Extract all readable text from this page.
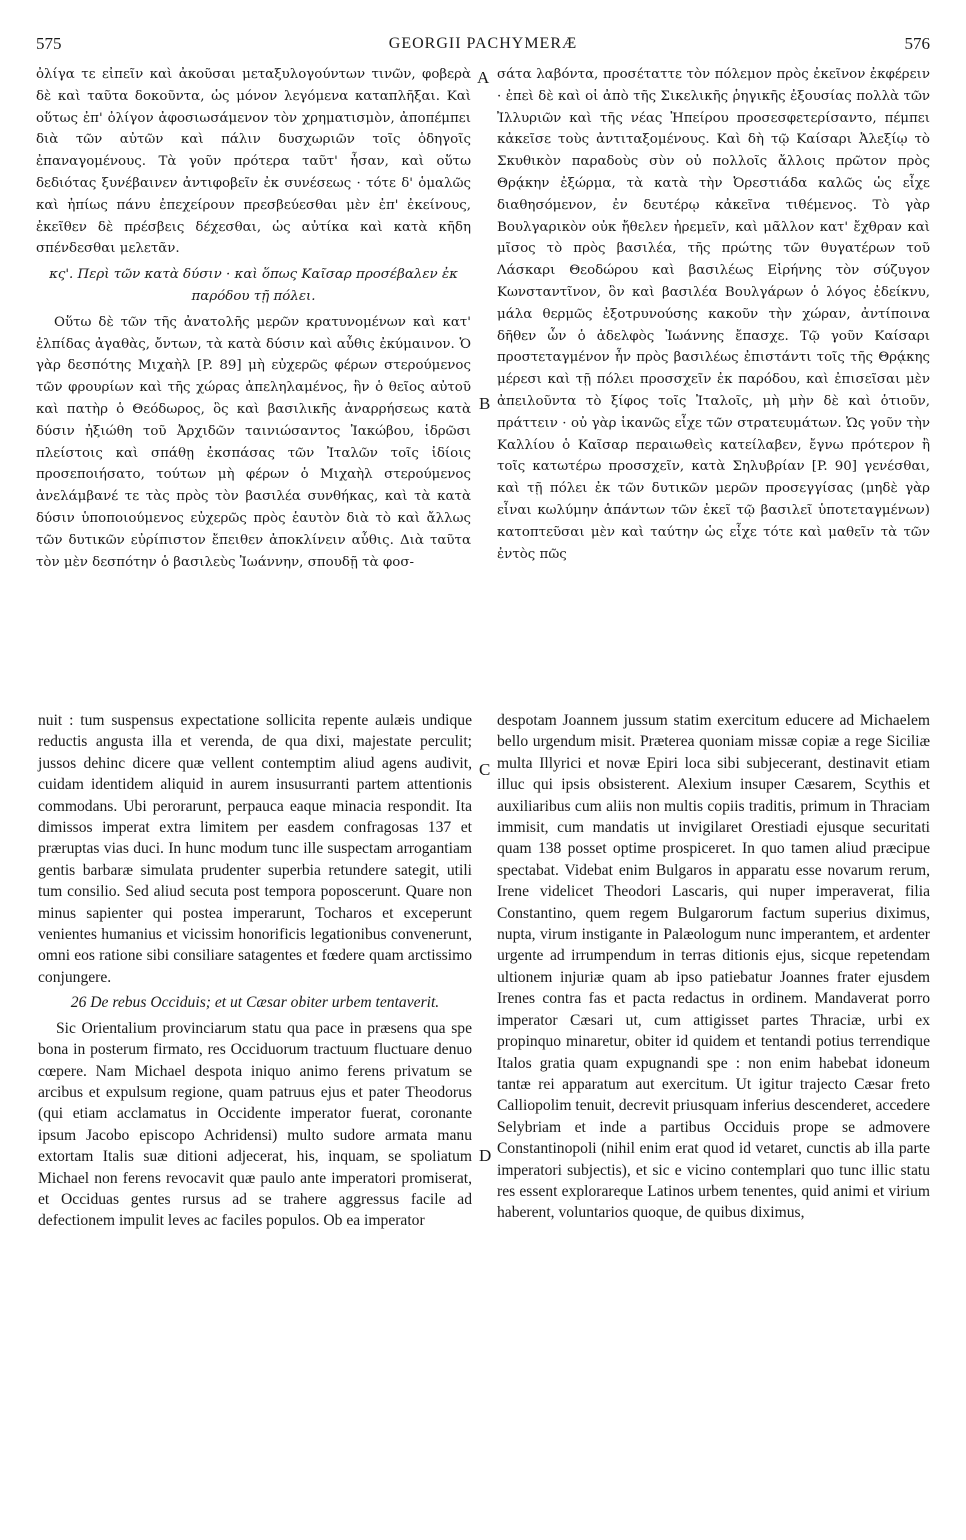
575	GEORGII PACHYMERÆ	576

ὀλίγα τε εἰπεῖν καὶ ἀκοῦσαι μεταξυλογούντων τινῶν, φοβερὰ δὲ καὶ ταῦτα δοκοῦντα, ὡς μόνον λεγόμενα καταπλῆξαι. Καὶ οὕτως ἐπ' ὀλίγον ἀφοσιωσάμενον τὸν χρηματισμὸν, ἀποπέμπει διὰ τῶν αὐτῶν καὶ πάλιν δυσχωριῶν τοῖς ὁδηγοῖς ἐπαναγομένους. Τὰ γοῦν πρότερα ταῦτ' ἦσαν, καὶ οὕτω δεδιότας ξυνέβαινεν ἀντιφοβεῖν ἐκ συνέσεως · τότε δ' ὁμαλῶς καὶ ἠπίως πάνυ ἐπεχείρουν πρεσβεύεσθαι μὲν ἐπ' ἐκείνους, ἐκεῖθεν δὲ πρέσβεις δέχεσθαι, ὡς αὐτίκα καὶ κατὰ κῆδη σπένδεσθαι μελετᾶν.

κς'. Περὶ τῶν κατὰ δύσιν · καὶ ὅπως Καῖσαρ προσέβαλεν ἐκ παρόδου τῇ πόλει.

Οὕτω δὲ τῶν τῆς ἀνατολῆς μερῶν κρατυνομένων καὶ κατ' ἐλπίδας ἀγαθὰς, ὄντων, τὰ κατὰ δύσιν καὶ αὖθις ἐκύμαινον. Ὁ γὰρ δεσπότης Μιχαὴλ [P. 89] μὴ εὐχερῶς φέρων στερούμενος τῶν φρουρίων καὶ τῆς χώρας ἀπεληλαμένος, ἣν ὁ θεῖος αὐτοῦ καὶ πατὴρ ὁ Θεόδωρος, ὃς καὶ βασιλικῆς ἀναρρήσεως κατὰ δύσιν ἠξιώθη τοῦ Ἀρχιδῶν ταινιώσαντος Ἰακώβου, ἱδρῶσι πλείστοις καὶ σπάθῃ ἐκσπάσας τῶν Ἰταλῶν τοῖς ἰδίοις προσεποιήσατο, τούτων μὴ φέρων ὁ Μιχαὴλ στερούμενος ἀνελάμβανέ τε τὰς πρὸς τὸν βασιλέα συνθήκας, καὶ τὰ κατὰ δύσιν ὑποποιούμενος εὐχερῶς πρὸς ἑαυτὸν διὰ τὸ καὶ ἄλλως τῶν δυτικῶν εὐρίπιστον ἔπειθεν ἀποκλίνειν αὖθις. Διὰ ταῦτα τὸν μὲν δεσπότην ὁ βασιλεὺς Ἰωάννην, σπουδῇ τὰ φοσ-

σάτα λαβόντα, προσέταττε τὸν πόλεμον πρὸς ἐκεῖνον ἐκφέρειν · ἐπεὶ δὲ καὶ οἱ ἀπὸ τῆς Σικελικῆς ῥηγικῆς ἐξουσίας πολλὰ τῶν Ἰλλυριῶν καὶ τῆς νέας Ἠπείρου προσεσφετερίσαντο, πέμπει κἀκεῖσε τοὺς ἀντιταξομένους. Καὶ δὴ τῷ Καίσαρι Ἀλεξίῳ τὸ Σκυθικὸν παραδοὺς σὺν οὐ πολλοῖς ἄλλοις πρῶτον πρὸς Θρᾴκην ἐξώρμα, τὰ κατὰ τὴν Ὀρεστιάδα καλῶς ὡς εἶχε διαθησόμενον, ἐν δευτέρῳ κἀκεῖνα τιθέμενος. Τὸ γὰρ Βουλγαρικὸν οὐκ ἤθελεν ἠρεμεῖν, καὶ μᾶλλον κατ' ἔχθραν καὶ μῖσος τὸ πρὸς βασιλέα, τῆς πρώτης τῶν θυγατέρων τοῦ Λάσκαρι Θεοδώρου καὶ βασιλέως Εἰρήνης τὸν σύζυγον Κωνσταντῖνον, ὃν καὶ βασιλέα Βουλγάρων ὁ λόγος ἐδείκνυ, μάλα θερμῶς ἐξοτρυνούσης κακοῦν τὴν χώραν, ἀντίποινα δῆθεν ὧν ὁ ἀδελφὸς Ἰωάννης ἔπασχε. Τῷ γοῦν Καίσαρι προστεταγμένον ἦν πρὸς βασιλέως ἐπιστάντι τοῖς τῆς Θρᾴκης μέρεσι καὶ τῇ πόλει προσσχεῖν ἐκ παρόδου, καὶ ἐπισεῖσαι μὲν ἀπειλοῦντα τὸ ξίφος τοῖς Ἰταλοῖς, μὴ μὴν δὲ καὶ ὁτιοῦν, πράττειν · οὐ γὰρ ἱκανῶς εἶχε τῶν στρατευμάτων. Ὡς γοῦν τὴν Καλλίου ὁ Καῖσαρ περαιωθεὶς κατείλαβεν, ἔγνω πρότερον ἢ τοῖς κατωτέρω προσσχεῖν, κατὰ Σηλυβρίαν [P. 90] γενέσθαι, καὶ τῇ πόλει ἐκ τῶν δυτικῶν μερῶν προσεγγίσας (μηδὲ γὰρ εἶναι κωλύμην ἁπάντων τῶν ἐκεῖ τῷ βασιλεῖ ὑποτεταγμένων) κατοπτεῦσαι μὲν καὶ ταύτην ὡς εἶχε τότε καὶ μαθεῖν τὰ τῶν ἐντὸς πῶς

nuit : tum suspensus expectatione sollicita repente aulæis undique reductis angusta illa et verenda, de qua dixi, majestate perculit; jussos dehinc dicere quæ vellent contemptim aliud agens audivit, cuidam identidem aliquid in aurem insusurranti partem attentionis commodans. Ubi perorarunt, perpauca eaque minacia respondit. Ita dimissos imperat extra limitem per easdem confragosas 137 et præruptas vias duci. In hunc modum tunc ille suspectam arrogantiam gentis barbaræ simulata prudenter superbia retundere sategit, utili tum consilio. Sed aliud secuta post tempora poposcerunt. Quare non minus sapienter qui postea imperarunt, Tocharos et exceperunt venientes humanius et vicissim honorificis legationibus convenerunt, omni eos ratione sibi consiliare satagentes et fœdere quam arctissimo conjungere.

26 De rebus Occiduis; et ut Cæsar obiter urbem tentaverit.

Sic Orientalium provinciarum statu qua pace in præsens qua spe bona in posterum firmato, res Occiduorum tractuum fluctuare denuo cœpere. Nam Michael despota iniquo animo ferens privatum se arcibus et expulsum regione, quam patruus ejus et pater Theodorus (qui etiam acclamatus in Occidente imperator fuerat, coronante ipsum Jacobo episcopo Achridensi) multo sudore armata manu extortam Italis suæ ditioni adjecerat, his, inquam, se spoliatum Michael non ferens revocavit quæ paulo ante imperatori promiserat, et Occiduas gentes rursus ad se trahere aggressus facile ad defectionem impulit leves ac faciles populos. Ob ea imperator

despotam Joannem jussum statim exercitum educere ad Michaelem bello urgendum misit. Præterea quoniam missæ copiæ a rege Siciliæ multa Illyrici et novæ Epiri loca sibi subjecerant, destinavit etiam illuc qui ipsis obsisterent. Alexium insuper Cæsarem, Scythis et auxiliaribus cum aliis non multis copiis traditis, primum in Thraciam immisit, cum mandatis ut invigilaret Orestiadi ejusque securitati quam 138 posset optime prospiceret. In quo tamen aliud præcipue spectabat. Videbat enim Bulgaros in apparatu esse novarum rerum, Irene videlicet Theodori Lascaris, qui nuper imperaverat, filia Constantino, quem regem Bulgarorum factum superius diximus, nupta, virum instigante in Palæologum nunc imperantem, et ardenter urgente ad irrumpendum in terras ditionis ejus, sicque repetendam ultionem injuriæ quam ab ipso patiebatur Joannes frater ejusdem Irenes contra fas et pacta redactus in ordinem. Mandaverat porro imperator Cæsari ut, cum attigisset partes Thraciæ, urbi ex propinquo minaretur, obiter id quidem et tentandi potius terrendique Italos gratia quam expugnandi spe : non enim habebat idoneum tantæ rei apparatum aut exercitum. Ut igitur trajecto Cæsar freto Calliopolim tenuit, decrevit priusquam inferius descenderet, accedere Selybriam et inde a partibus Occiduis prope se admovere Constantinopoli (nihil enim erat quod id vetaret, cunctis ab illa parte imperatori subjectis), et sic e vicino contemplari quo tunc illic statu res essent explorareque Latinos urbem tenentes, quid animi et virium haberent, voluntarios quoque, de quibus diximus,

A
B
C
D
